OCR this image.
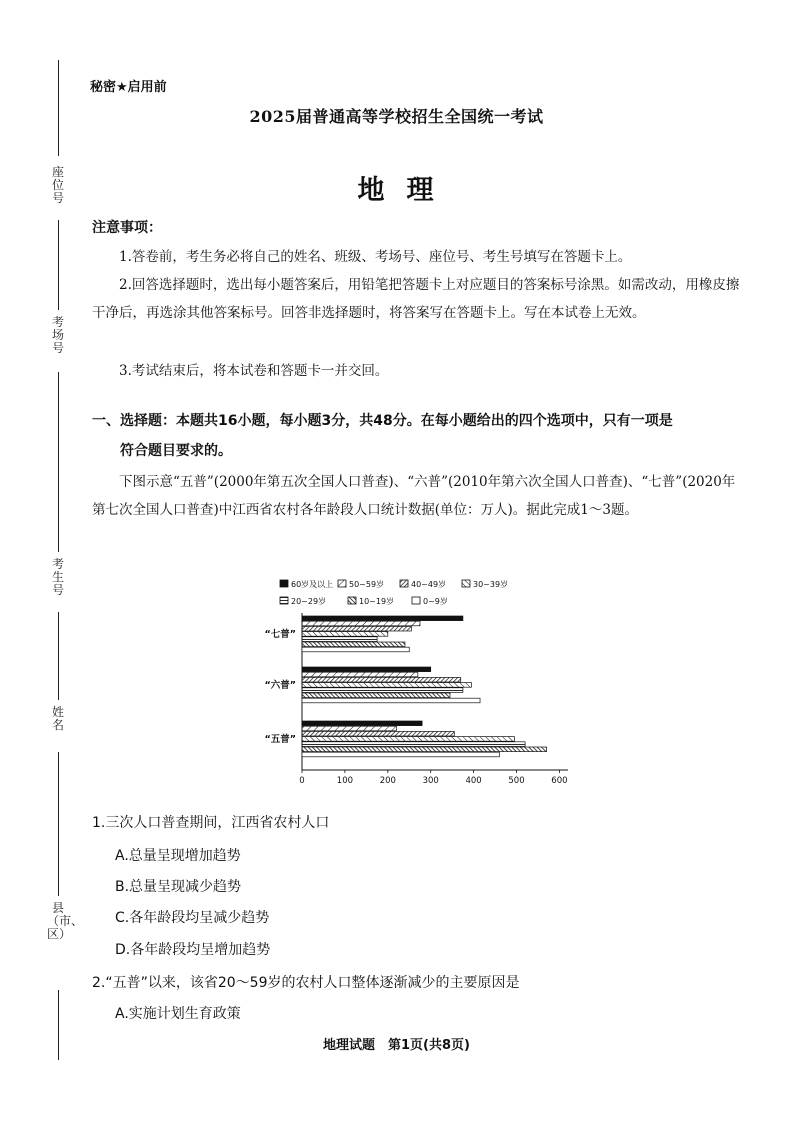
座位号
考场号
考生号
姓名
县（市、区）
秘密★启用前
2025届普通高等学校招生全国统一考试
地理
注意事项：
1.答卷前，考生务必将自己的姓名、班级、考场号、座位号、考生号填写在答题卡上。
2.回答选择题时，选出每小题答案后，用铅笔把答题卡上对应题目的答案标号涂黑。如需改动，用橡皮擦干净后，再选涂其他答案标号。回答非选择题时，将答案写在答题卡上。写在本试卷上无效。
3.考试结束后，将本试卷和答题卡一并交回。
一、选择题：本题共16小题，每小题3分，共48分。在每小题给出的四个选项中，只有一项是
符合题目要求的。
下图示意“五普”(2000年第五次全国人口普查)、“六普”(2010年第六次全国人口普查)、“七普”(2020年第七次全国人口普查)中江西省农村各年龄段人口统计数据(单位：万人)。据此完成1～3题。
60岁及以上 50~59岁	40~49岁	30~39岁
20~29岁	10~19岁	0~9岁
0	100	200	300	400	500	600
“七普”
“六普”
“五普”
1.三次人口普查期间，江西省农村人口
A.总量呈现增加趋势
B.总量呈现减少趋势
C.各年龄段均呈减少趋势
D.各年龄段均呈增加趋势
2.“五普”以来，该省20～59岁的农村人口整体逐渐减少的主要原因是
A.实施计划生育政策
地理试题　第1页(共8页)
